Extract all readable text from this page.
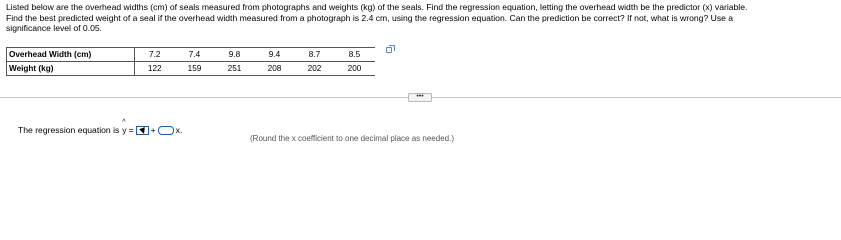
Listed below are the overhead widths (cm) of seals measured from photographs and weights (kg) of the seals. Find the regression equation, letting the overhead width be the predictor (x) variable.

Find the best predicted weight of a seal if the overhead width measured from a photograph is 2.4 cm, using the regression equation. Can the prediction be correct? If not, what is wrong? Use a

significance level of 0.05.

Overhead Width (cm)	7.2	7.4	9.8	9.4	8.7	8.5
Weight (kg)	122	159	251	208	202	200
•••
The regression equation is ^ y = + x.
(Round the x coefficient to one decimal place as needed.)
